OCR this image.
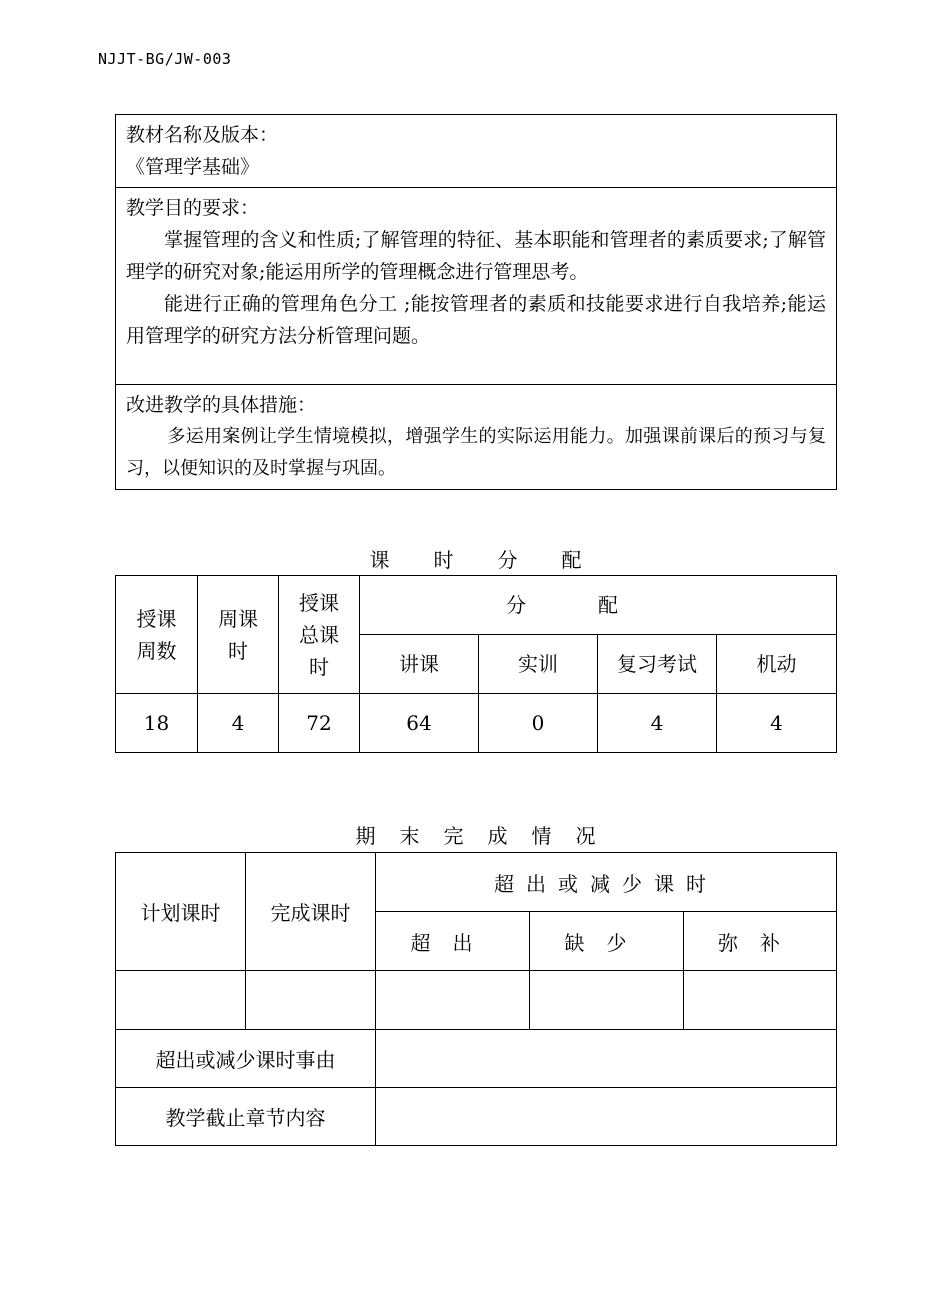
NJJT-BG/JW-003
教材名称及版本：
《管理学基础》

教学目的要求：
掌握管理的含义和性质;了解管理的特征、基本职能和管理者的素质要求;了解管理学的研究对象;能运用所学的管理概念进行管理思考。
能进行正确的管理角色分工 ;能按管理者的素质和技能要求进行自我培养;能运用管理学的研究方法分析管理问题。

改进教学的具体措施：
多运用案例让学生情境模拟，增强学生的实际运用能力。加强课前课后的预习与复习，以便知识的及时掌握与巩固。
课时分配
授课周数	周课时	授课总课时	分配			
			讲课	实训	复习考试	机动
18	4	72	64	0	4	4
期末完成情况
计划课时	完成课时	超出或减少课时		
		超出	缺少	弥补

超出或减少课时事由				
教学截止章节内容				
